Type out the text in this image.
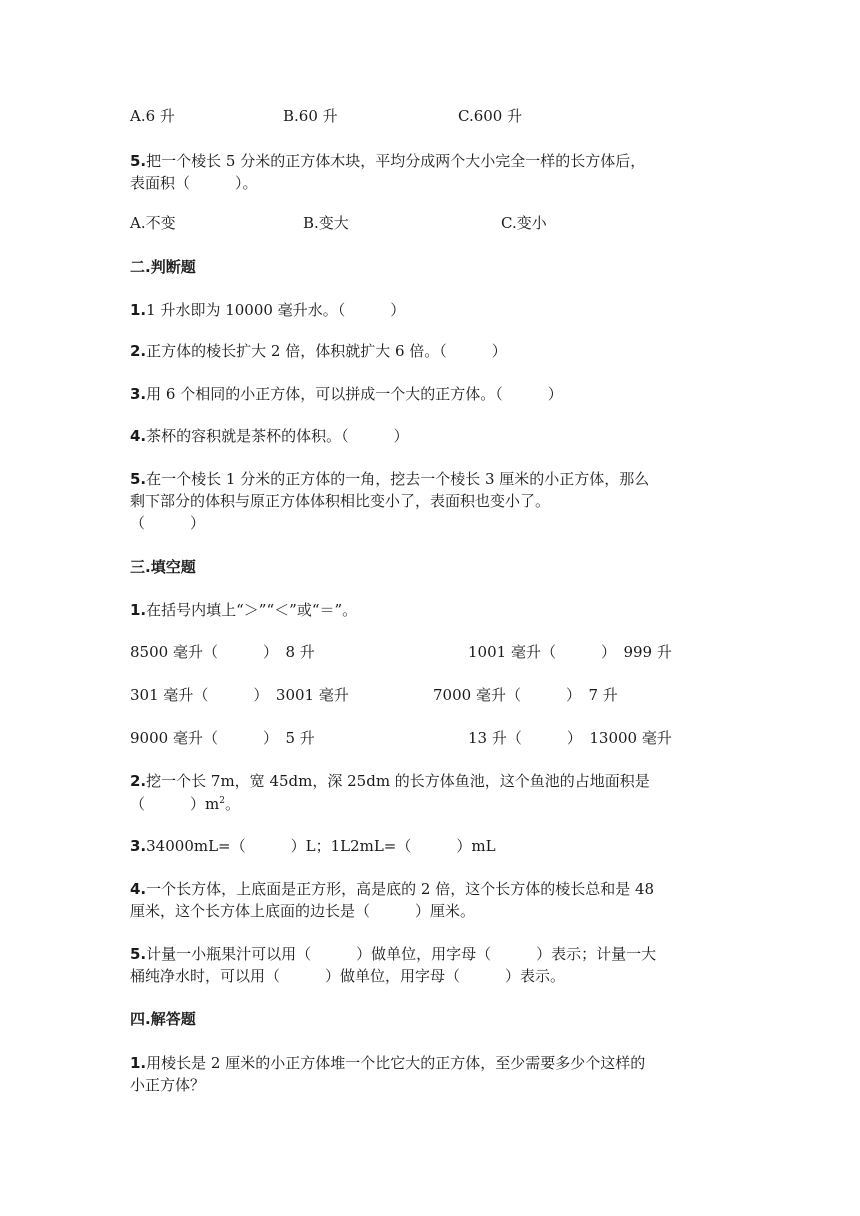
A.6 升	B.60 升	C.600 升
5.把一个棱长 5 分米的正方体木块，平均分成两个大小完全一样的长方体后，
表面积（　　　）。
A.不变	B.变大	C.变小
二.判断题
1.1 升水即为 10000 毫升水。（　　　）
2.正方体的棱长扩大 2 倍，体积就扩大 6 倍。（　　　）
3.用 6 个相同的小正方体，可以拼成一个大的正方体。（　　　）
4.茶杯的容积就是茶杯的体积。（　　　）
5.在一个棱长 1 分米的正方体的一角，挖去一个棱长 3 厘米的小正方体，那么
剩下部分的体积与原正方体体积相比变小了，表面积也变小了。
（　　　）
三.填空题
1.在括号内填上“＞”“＜”或“＝”。
8500 毫升（　　　）　8 升	1001 毫升（　　　）　999 升
301 毫升（　　　）　3001 毫升	7000 毫升（　　　）　7 升
9000 毫升（　　　）　5 升	13 升（　　　）　13000 毫升
2.挖一个长 7m，宽 45dm，深 25dm 的长方体鱼池，这个鱼池的占地面积是
（　　　）$m^2$。
3.34000mL=（　　　）L；1L2mL=（　　　）mL
4.一个长方体，上底面是正方形，高是底的 2 倍，这个长方体的棱长总和是 48
厘米，这个长方体上底面的边长是（　　　）厘米。
5.计量一小瓶果汁可以用（　　　）做单位，用字母（　　　）表示；计量一大
桶纯净水时，可以用（　　　）做单位，用字母（　　　）表示。
四.解答题
1.用棱长是 2 厘米的小正方体堆一个比它大的正方体，至少需要多少个这样的
小正方体？
